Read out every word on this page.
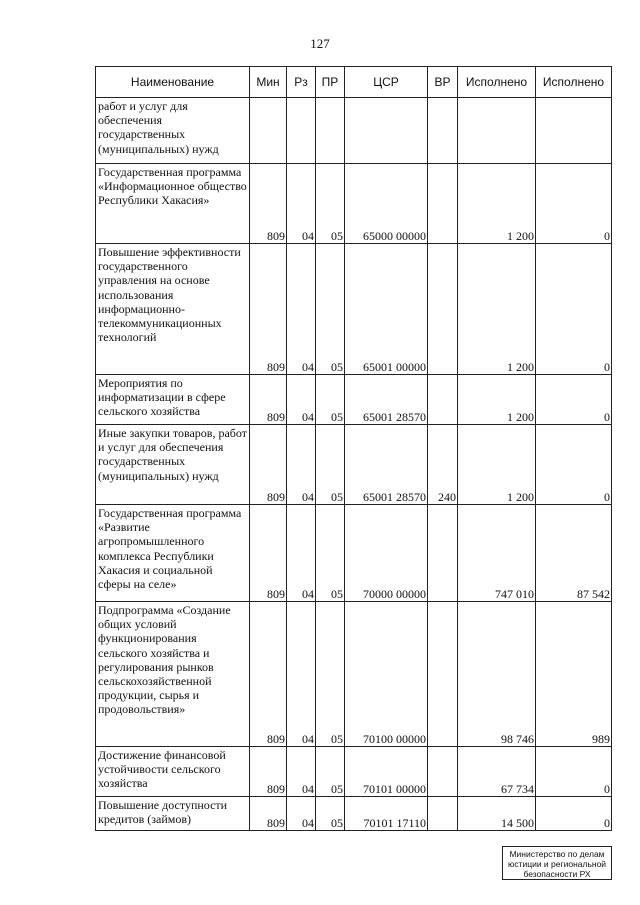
127
Наименование	Мин	Рз	ПР	ЦСР	ВР	Исполнено	Исполнено
работ и услуг для обеспечения государственных (муниципальных) нужд							
Государственная программа «Информационное общество Республики Хакасия»	809	04	05	65000 00000		1 200	0
Повышение эффективности государственного управления на основе использования информационно-телекоммуникационных технологий	809	04	05	65001 00000		1 200	0
Мероприятия по информатизации в сфере сельского хозяйства	809	04	05	65001 28570		1 200	0
Иные закупки товаров, работ и услуг для обеспечения государственных (муниципальных) нужд	809	04	05	65001 28570	240	1 200	0
Государственная программа «Развитие агропромышленного комплекса Республики Хакасия и социальной сферы на селе»	809	04	05	70000 00000		747 010	87 542
Подпрограмма «Создание общих условий функционирования сельского хозяйства и регулирования рынков сельскохозяйственной продукции, сырья и продовольствия»	809	04	05	70100 00000		98 746	989
Достижение финансовой устойчивости сельского хозяйства	809	04	05	70101 00000		67 734	0
Повышение доступности кредитов (займов)	809	04	05	70101 17110		14 500	0
Министерство по делам
юстиции и региональной
безопасности РХ
